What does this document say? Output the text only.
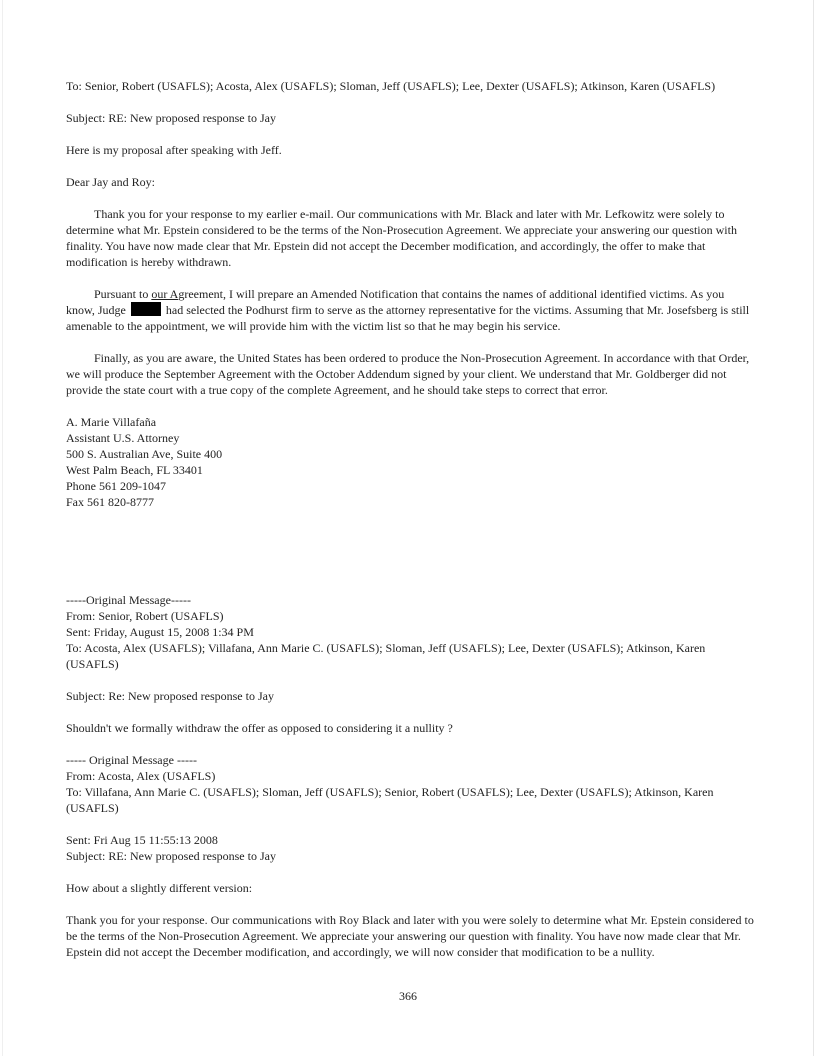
To: Senior, Robert (USAFLS); Acosta, Alex (USAFLS); Sloman, Jeff (USAFLS); Lee, Dexter (USAFLS); Atkinson, Karen (USAFLS)

Subject: RE: New proposed response to Jay

Here is my proposal after speaking with Jeff.

Dear Jay and Roy:

Thank you for your response to my earlier e-mail. Our communications with Mr. Black and later with Mr. Lefkowitz were solely to determine what Mr. Epstein considered to be the terms of the Non-Prosecution Agreement. We appreciate your answering our question with finality. You have now made clear that Mr. Epstein did not accept the December modification, and accordingly, the offer to make that modification is hereby withdrawn.

Pursuant to our Agreement, I will prepare an Amended Notification that contains the names of additional identified victims. As you know, Judge	had selected the Podhurst firm to serve as the attorney representative for the victims. Assuming that Mr. Josefsberg is still amenable to the appointment, we will provide him with the victim list so that he may begin his service.

Finally, as you are aware, the United States has been ordered to produce the Non-Prosecution Agreement. In accordance with that Order, we will produce the September Agreement with the October Addendum signed by your client. We understand that Mr. Goldberger did not provide the state court with a true copy of the complete Agreement, and he should take steps to correct that error.

A. Marie Villafaña

Assistant U.S. Attorney

500 S. Australian Ave, Suite 400

West Palm Beach, FL 33401

Phone 561 209-1047

Fax 561 820-8777

-----Original Message-----

From: Senior, Robert (USAFLS)

Sent: Friday, August 15, 2008 1:34 PM

To: Acosta, Alex (USAFLS); Villafana, Ann Marie C. (USAFLS); Sloman, Jeff (USAFLS); Lee, Dexter (USAFLS); Atkinson, Karen (USAFLS)

Subject: Re: New proposed response to Jay

Shouldn't we formally withdraw the offer as opposed to considering it a nullity ?

----- Original Message -----

From: Acosta, Alex (USAFLS)

To: Villafana, Ann Marie C. (USAFLS); Sloman, Jeff (USAFLS); Senior, Robert (USAFLS); Lee, Dexter (USAFLS); Atkinson, Karen (USAFLS)

Sent: Fri Aug 15 11:55:13 2008

Subject: RE: New proposed response to Jay

How about a slightly different version:

Thank you for your response. Our communications with Roy Black and later with you were solely to determine what Mr. Epstein considered to be the terms of the Non-Prosecution Agreement. We appreciate your answering our question with finality. You have now made clear that Mr. Epstein did not accept the December modification, and accordingly, we will now consider that modification to be a nullity.

366
